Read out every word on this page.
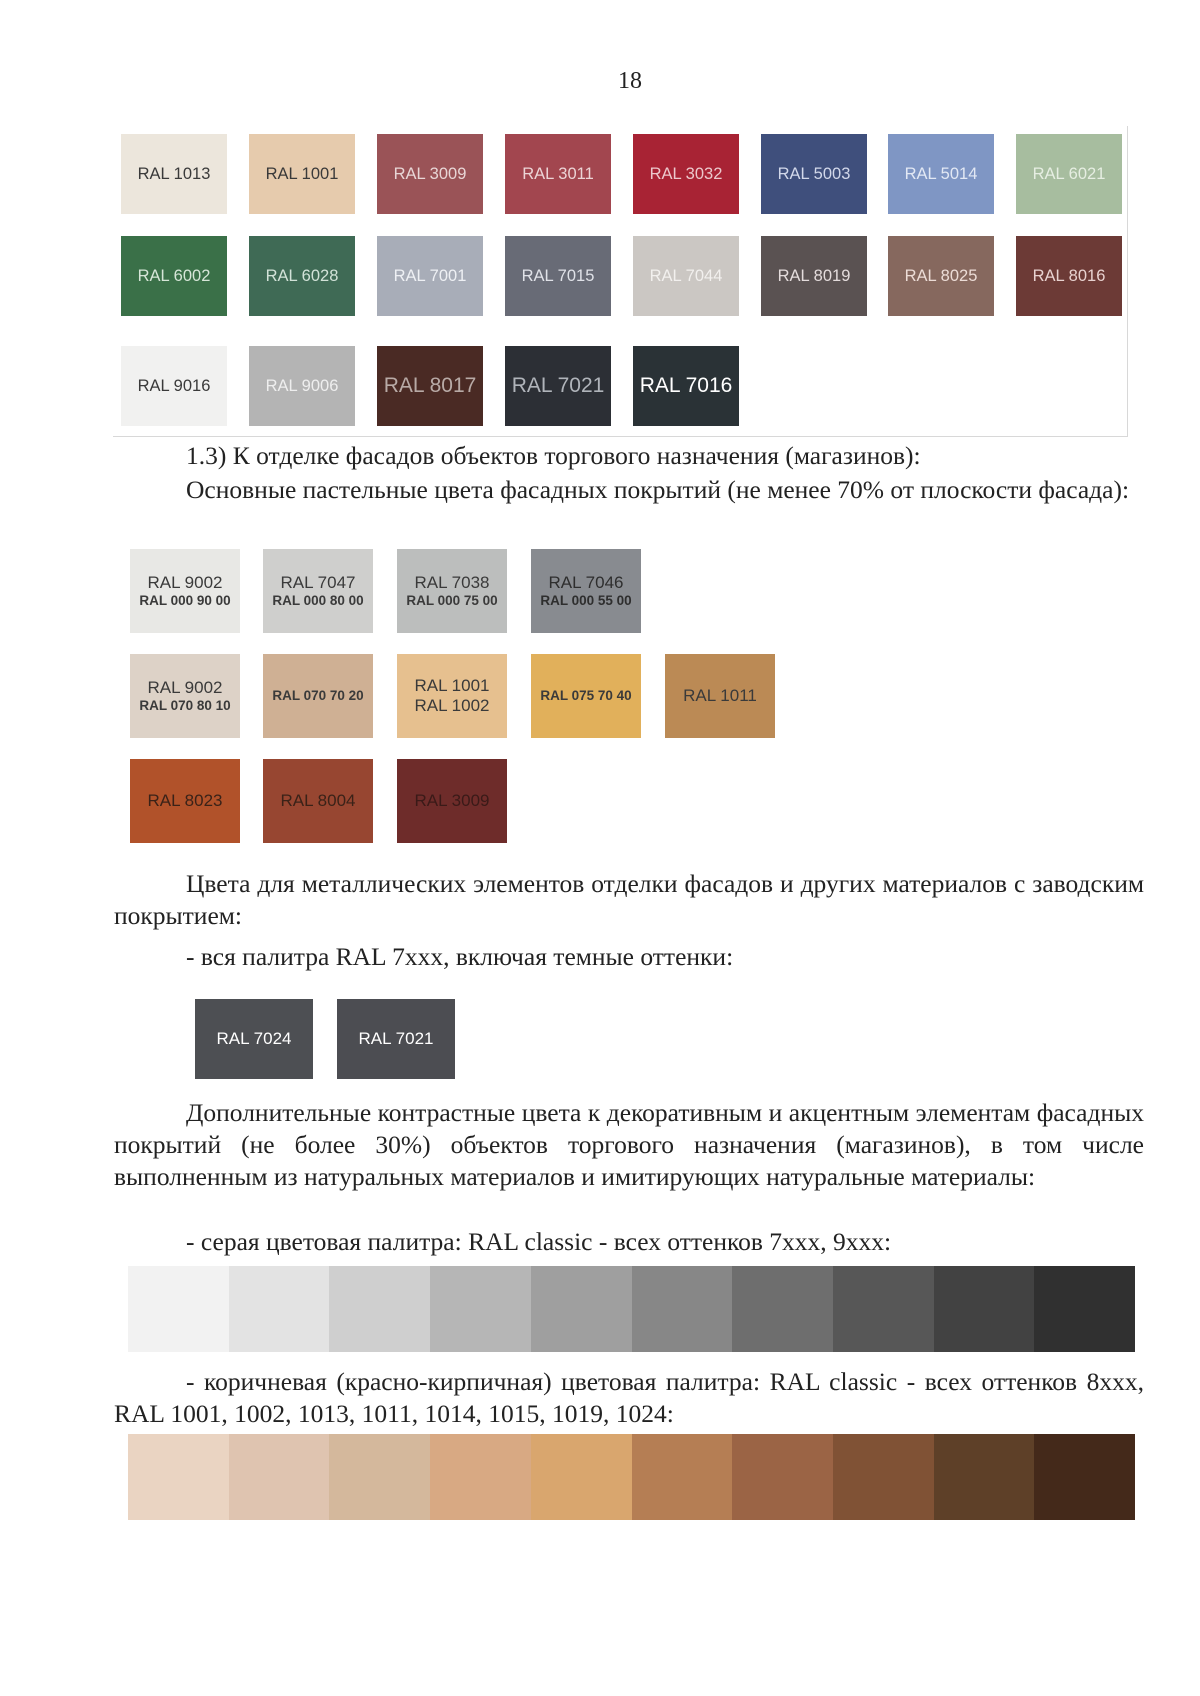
18
RAL 1013	RAL 1001	RAL 3009	RAL 3011	RAL 3032	RAL 5003	RAL 5014	RAL 6021
RAL 6002	RAL 6028	RAL 7001	RAL 7015	RAL 7044	RAL 8019	RAL 8025	RAL 8016
RAL 9016	RAL 9006	RAL 8017	RAL 7021	RAL 7016
1.3) К отделке фасадов объектов торгового назначения (магазинов):
Основные пастельные цвета фасадных покрытий (не менее 70% от плоскости фасада):
RAL 9002
RAL 000 90 00
RAL 7047
RAL 000 80 00
RAL 7038
RAL 000 75 00
RAL 7046
RAL 000 55 00
RAL 9002
RAL 070 80 10
RAL 070 70 20
RAL 1001
RAL 1002
RAL 075 70 40	RAL 1011
RAL 8023	RAL 8004	RAL 3009
Цвета для металлических элементов отделки фасадов и других материалов с заводским покрытием:
- вся палитра RAL 7xxx, включая темные оттенки:
RAL 7024	RAL 7021
Дополнительные контрастные цвета к декоративным и акцентным элементам фасадных покрытий (не более 30%) объектов торгового назначения (магазинов), в том числе выполненным из натуральных материалов и имитирующих натуральные материалы:
- серая цветовая палитра: RAL classic - всех оттенков 7xxx, 9xxx:
- коричневая (красно-кирпичная) цветовая палитра: RAL classic - всех оттенков 8xxx, RAL 1001, 1002, 1013, 1011, 1014, 1015, 1019, 1024:
